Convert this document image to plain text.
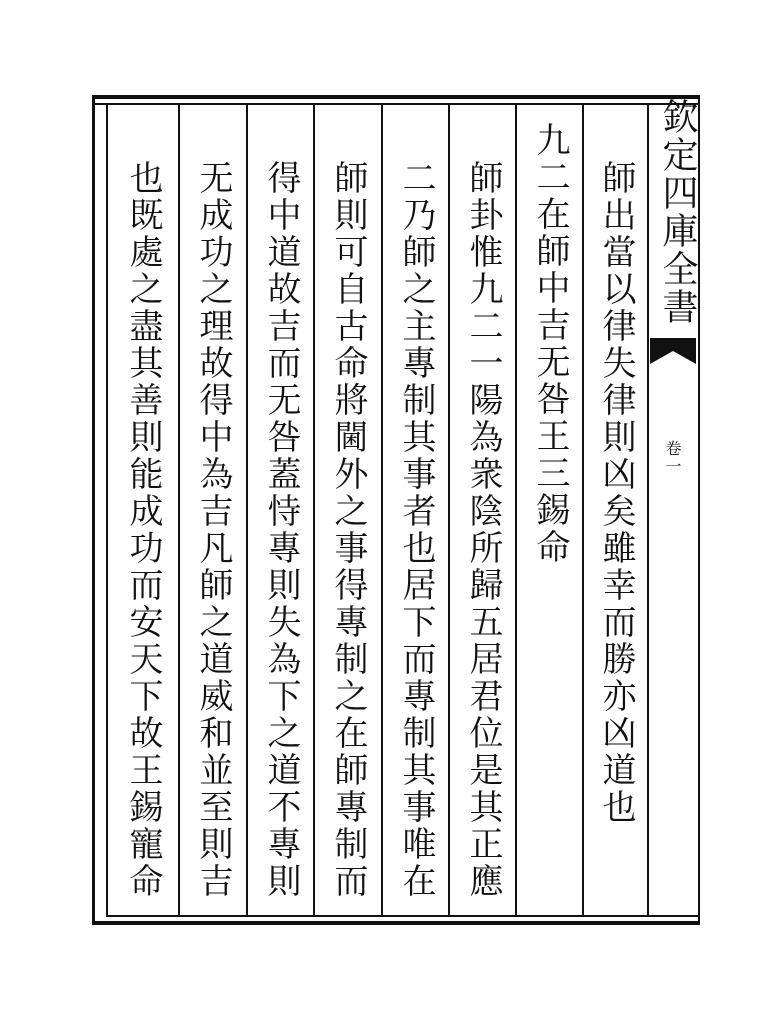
欽定四庫全書
卷一
師出當以律失律則凶矣雖幸而勝亦凶道也
九二在師中吉无咎王三錫命
師卦惟九二一陽為衆陰所歸五居君位是其正應
二乃師之主專制其事者也居下而專制其事唯在
師則可自古命將閫外之事得專制之在師專制而
得中道故吉而无咎蓋恃專則失為下之道不專則
无成功之理故得中為吉凡師之道威和並至則吉
也既處之盡其善則能成功而安天下故王錫寵命
